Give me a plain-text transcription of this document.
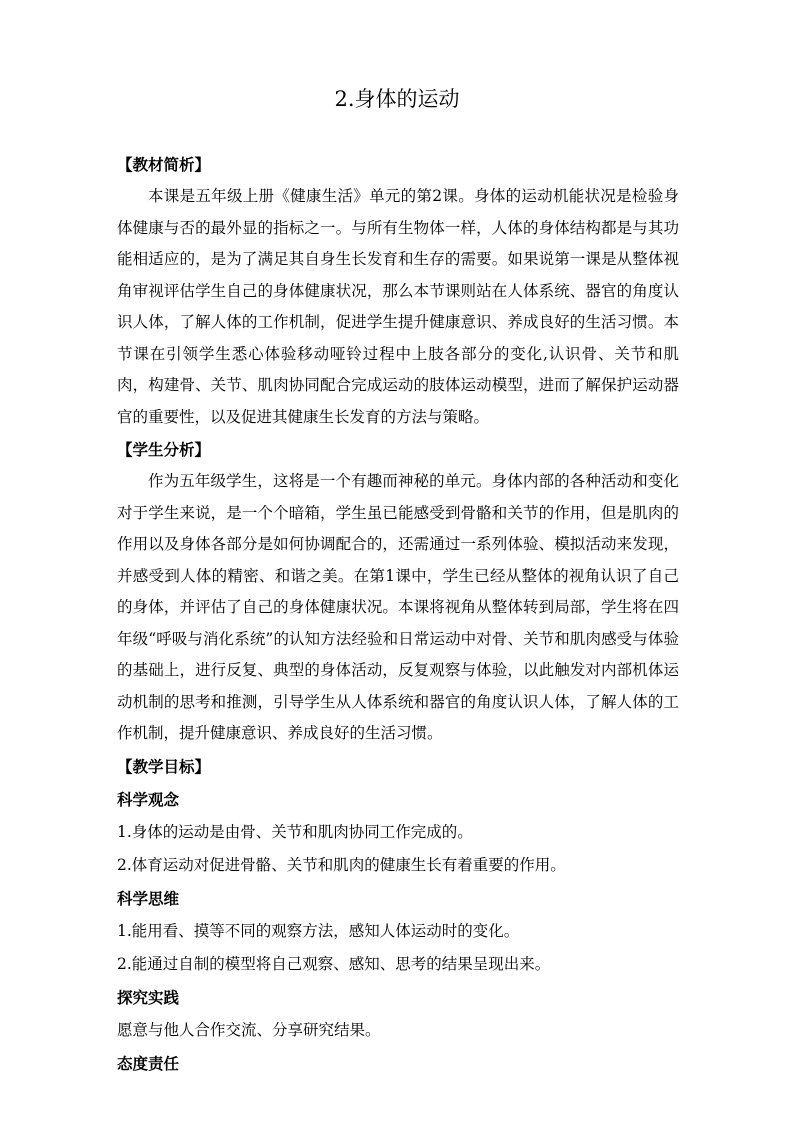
2.身体的运动
【教材简析】

本课是五年级上册《健康生活》单元的第2课。身体的运动机能状况是检验身体健康与否的最外显的指标之一。与所有生物体一样，人体的身体结构都是与其功能相适应的，是为了满足其自身生长发育和生存的需要。如果说第一课是从整体视角审视评估学生自己的身体健康状况，那么本节课则站在人体系统、器官的角度认识人体，了解人体的工作机制，促进学生提升健康意识、养成良好的生活习惯。本节课在引领学生悉心体验移动哑铃过程中上肢各部分的变化,认识骨、关节和肌肉，构建骨、关节、肌肉协同配合完成运动的肢体运动模型，进而了解保护运动器官的重要性，以及促进其健康生长发育的方法与策略。

【学生分析】

作为五年级学生，这将是一个有趣而神秘的单元。身体内部的各种活动和变化对于学生来说，是一个个暗箱，学生虽已能感受到骨骼和关节的作用，但是肌肉的作用以及身体各部分是如何协调配合的，还需通过一系列体验、模拟活动来发现，并感受到人体的精密、和谐之美。在第1课中，学生已经从整体的视角认识了自己的身体，并评估了自己的身体健康状况。本课将视角从整体转到局部，学生将在四年级“呼吸与消化系统”的认知方法经验和日常运动中对骨、关节和肌肉感受与体验的基础上，进行反复、典型的身体活动，反复观察与体验，以此触发对内部机体运动机制的思考和推测，引导学生从人体系统和器官的角度认识人体，了解人体的工作机制，提升健康意识、养成良好的生活习惯。

【教学目标】
科学观念

1.身体的运动是由骨、关节和肌肉协同工作完成的。

2.体育运动对促进骨骼、关节和肌肉的健康生长有着重要的作用。

科学思维

1.能用看、摸等不同的观察方法，感知人体运动时的变化。

2.能通过自制的模型将自己观察、感知、思考的结果呈现出来。

探究实践

愿意与他人合作交流、分享研究结果。

态度责任
